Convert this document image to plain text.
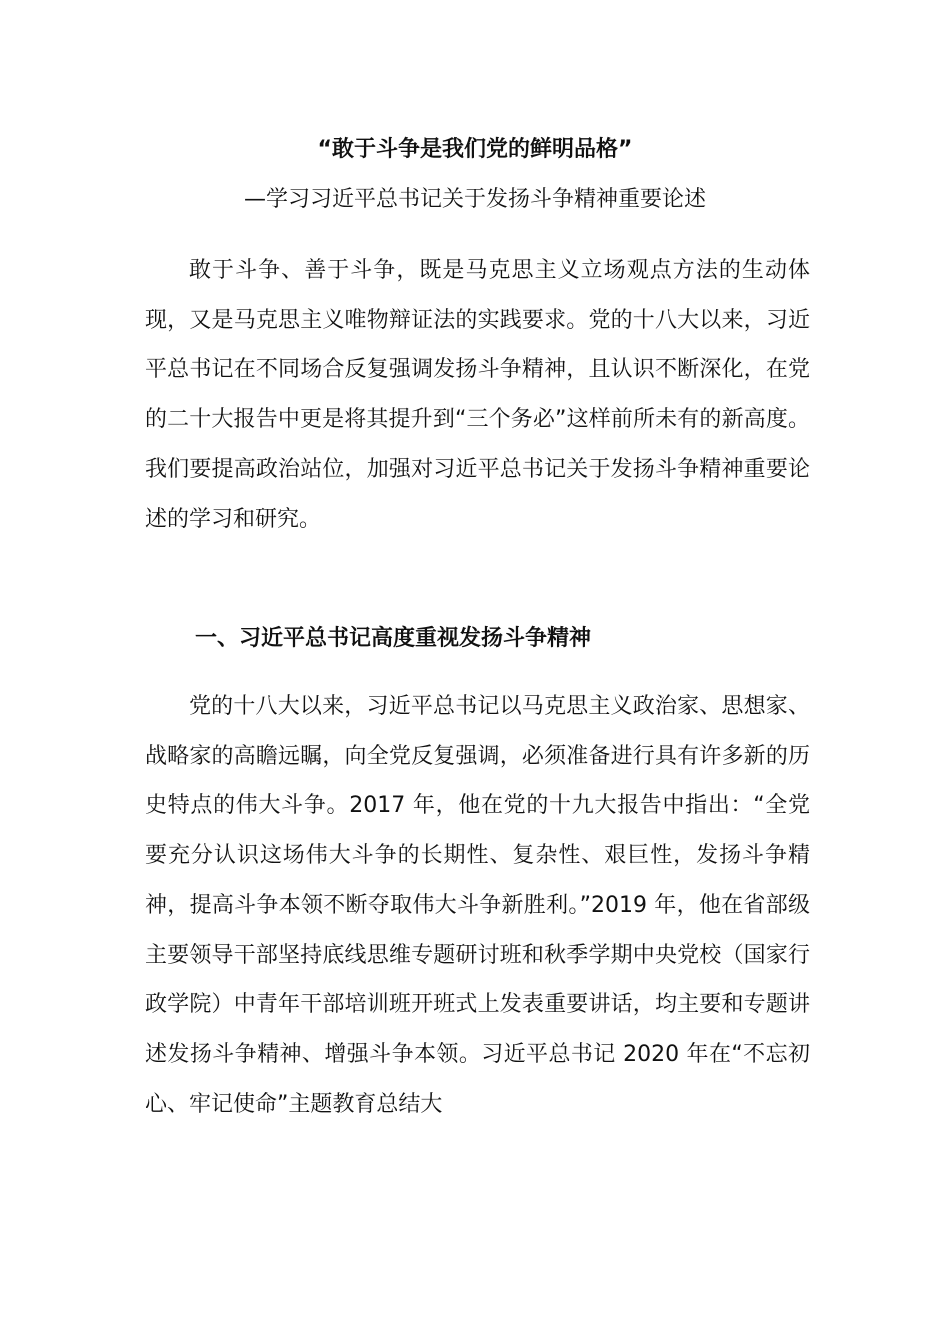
“敢于斗争是我们党的鲜明品格”
—学习习近平总书记关于发扬斗争精神重要论述

敢于斗争、善于斗争，既是马克思主义立场观点方法的生动体现，又是马克思主义唯物辩证法的实践要求。党的十八大以来，习近平总书记在不同场合反复强调发扬斗争精神，且认识不断深化，在党的二十大报告中更是将其提升到“三个务必”这样前所未有的新高度。我们要提高政治站位，加强对习近平总书记关于发扬斗争精神重要论述的学习和研究。

一、习近平总书记高度重视发扬斗争精神

党的十八大以来，习近平总书记以马克思主义政治家、思想家、战略家的高瞻远瞩，向全党反复强调，必须准备进行具有许多新的历史特点的伟大斗争。2017 年，他在党的十九大报告中指出：“全党要充分认识这场伟大斗争的长期性、复杂性、艰巨性，发扬斗争精神，提高斗争本领不断夺取伟大斗争新胜利。”2019 年，他在省部级主要领导干部坚持底线思维专题研讨班和秋季学期中央党校（国家行政学院）中青年干部培训班开班式上发表重要讲话，均主要和专题讲述发扬斗争精神、增强斗争本领。习近平总书记 2020 年在“不忘初心、牢记使命”主题教育总结大
